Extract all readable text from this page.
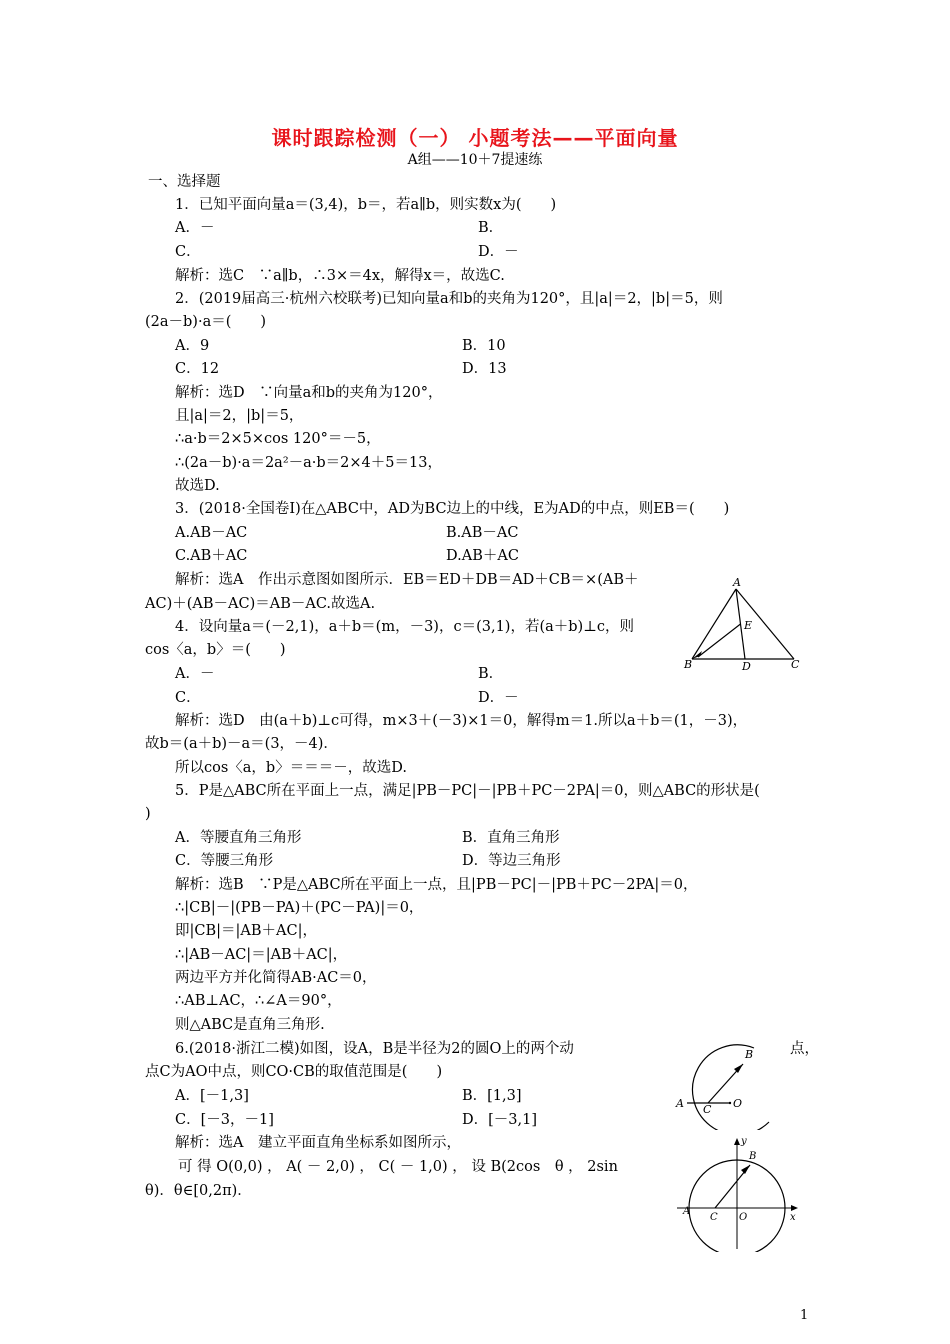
课时跟踪检测（一） 小题考法——平面向量
A组——10＋7提速练
一、选择题
1．已知平面向量a＝(3,4)，b＝，若a∥b，则实数x为(　　)
A．－	B．
C．	D．－
解析：选C　∵a∥b，∴3×＝4x，解得x＝，故选C.
2．(2019届高三·杭州六校联考)已知向量a和b的夹角为120°，且|a|＝2，|b|＝5，则
(2a－b)·a＝(　　)
A．9	B．10
C．12	D．13
解析：选D　∵向量a和b的夹角为120°，
且|a|＝2，|b|＝5，
∴a·b＝2×5×cos 120°＝－5，
∴(2a－b)·a＝2a²－a·b＝2×4＋5＝13，
故选D.
3．(2018·全国卷Ⅰ)在△ABC中，AD为BC边上的中线，E为AD的中点，则EB＝(　　)
A.AB－AC	B.AB－AC
C.AB＋AC	D.AB＋AC
解析：选A　作出示意图如图所示．EB＝ED＋DB＝AD＋CB＝×(AB＋
AC)＋(AB－AC)＝AB－AC.故选A.
A
B	C
D
E
4．设向量a＝(－2,1)，a＋b＝(m，－3)，c＝(3,1)，若(a＋b)⊥c，则
cos〈a，b〉＝(　　)
A．－	B．
C．	D．－
解析：选D　由(a＋b)⊥c可得，m×3＋(－3)×1＝0，解得m＝1.所以a＋b＝(1，－3)，
故b＝(a＋b)－a＝(3，－4)．
所以cos〈a，b〉＝＝＝－，故选D.
5．P是△ABC所在平面上一点，满足|PB－PC|－|PB＋PC－2PA|＝0，则△ABC的形状是(
)
A．等腰直角三角形	B．直角三角形
C．等腰三角形	D．等边三角形
解析：选B　∵P是△ABC所在平面上一点，且|PB－PC|－|PB＋PC－2PA|＝0，
∴|CB|－|(PB－PA)＋(PC－PA)|＝0，
即|CB|＝|AB＋AC|，
∴|AB－AC|＝|AB＋AC|，
两边平方并化简得AB·AC＝0，
∴AB⊥AC，∴∠A＝90°，
则△ABC是直角三角形.
6.(2018·浙江二模)如图，设A，B是半径为2的圆O上的两个动	点，
点C为AO中点，则CO·CB的取值范围是(　　)
A．[－1,3]	B．[1,3]
C．[－3，－1]	D．[－3,1]
解析：选A　建立平面直角坐标系如图所示，
可 得 O(0,0) ， A( － 2,0) ， C( － 1,0) ， 设 B(2cos　θ ， 2sin
θ)．θ∈[0,2π)．
A
B
C O
A
B
C O	x
y
1
